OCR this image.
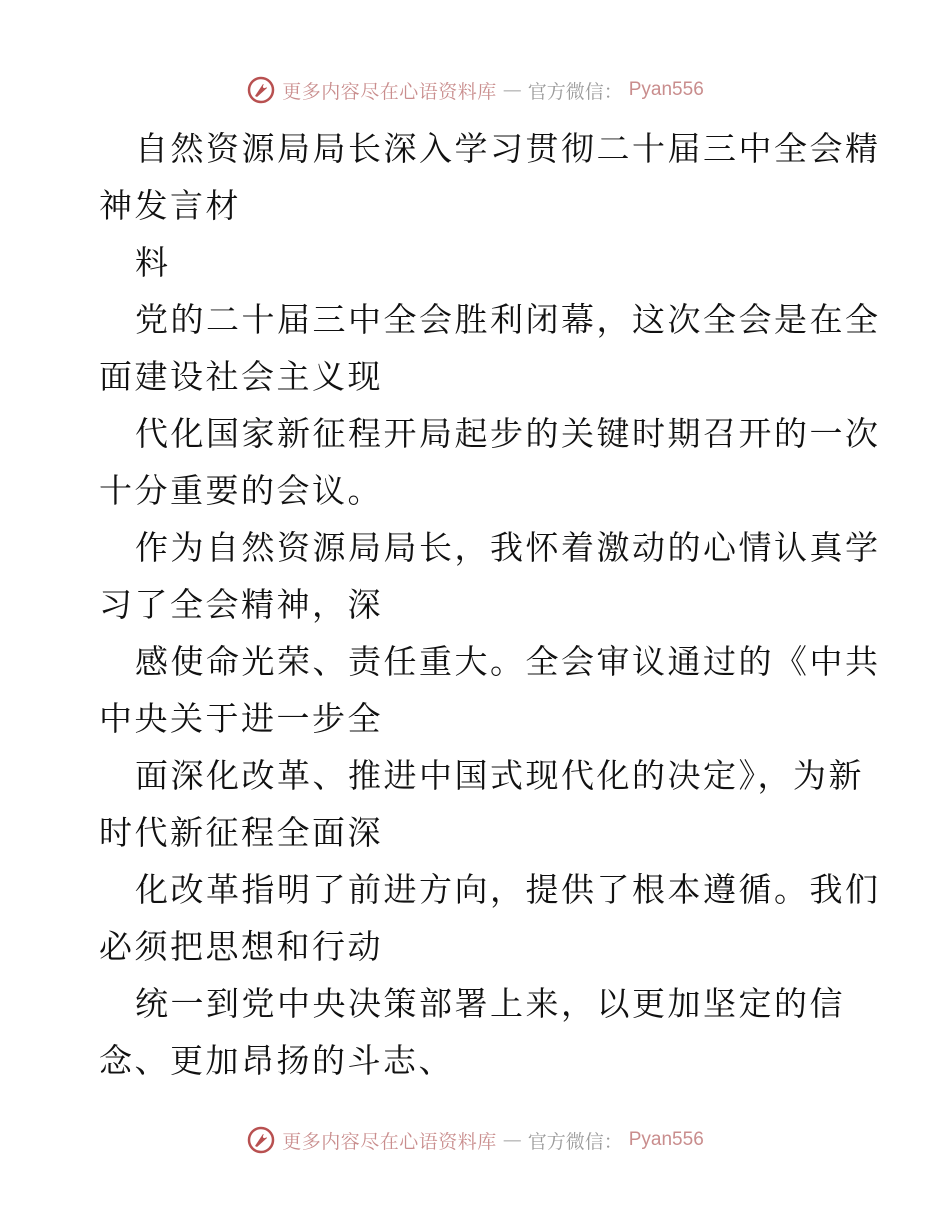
更多内容尽在心语资料库 — 官方微信： Pyan556
自然资源局局长深入学习贯彻二十届三中全会精
神发言材
料
党的二十届三中全会胜利闭幕，这次全会是在全
面建设社会主义现
代化国家新征程开局起步的关键时期召开的一次
十分重要的会议。
作为自然资源局局长，我怀着激动的心情认真学
习了全会精神，深
感使命光荣、责任重大。全会审议通过的《中共
中央关于进一步全
面深化改革、推进中国式现代化的决定》，为新
时代新征程全面深
化改革指明了前进方向，提供了根本遵循。我们
必须把思想和行动
统一到党中央决策部署上来，以更加坚定的信
念、更加昂扬的斗志、
更多内容尽在心语资料库 — 官方微信： Pyan556
